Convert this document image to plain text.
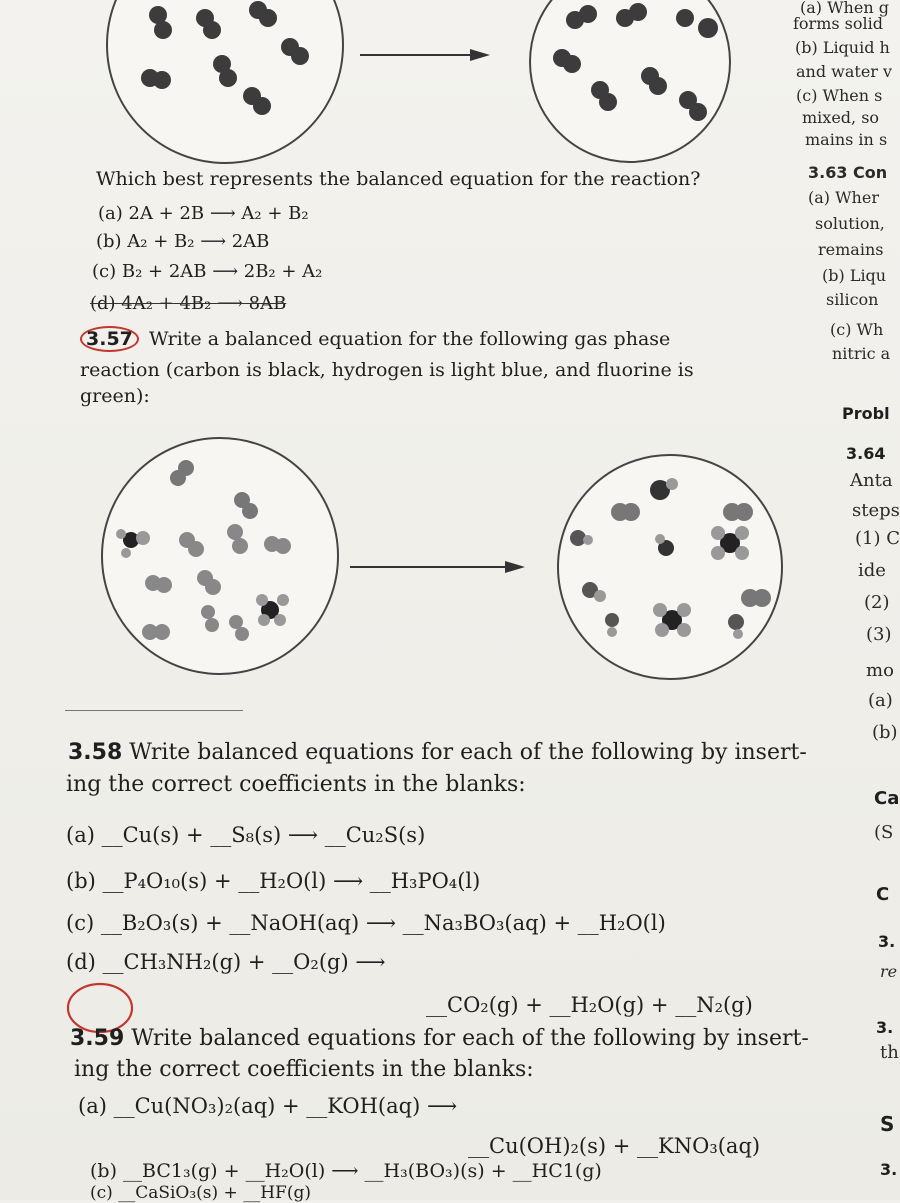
(a) When g
forms solid
(b) Liquid h
and water v
(c) When s
mixed, so
mains in s
Which best represents the balanced equation for the reaction?
(a) 2A + 2B ⟶ A₂ + B₂
(b) A₂ + B₂ ⟶ 2AB
(c) B₂ + 2AB ⟶ 2B₂ + A₂
(d) 4A₂ + 4B₂ ⟶ 8AB
3.57 Write a balanced equation for the following gas phase
reaction (carbon is black, hydrogen is light blue, and fluorine is
green):
3.58 Write balanced equations for each of the following by insert-
ing the correct coefficients in the blanks:
(a) __Cu(s) + __S₈(s) ⟶ __Cu₂S(s)
(b) __P₄O₁₀(s) + __H₂O(l) ⟶ __H₃PO₄(l)
(c) __B₂O₃(s) + __NaOH(aq) ⟶ __Na₃BO₃(aq) + __H₂O(l)
(d) __CH₃NH₂(g) + __O₂(g) ⟶
__CO₂(g) + __H₂O(g) + __N₂(g)
3.59 Write balanced equations for each of the following by insert-
ing the correct coefficients in the blanks:
(a) __Cu(NO₃)₂(aq) + __KOH(aq) ⟶
__Cu(OH)₂(s) + __KNO₃(aq)
(b) __BC1₃(g) + __H₂O(l) ⟶ __H₃(BO₃)(s) + __HC1(g)
(c) __CaSiO₃(s) + __HF(g)
3.63 Con
(a) Wher
solution,
remains
(b) Liqu
silicon
(c) Wh
nitric a
Probl
3.64
Anta
steps
(1) C
ide
(2)
(3)
mo
(a)
(b)
Ca
(S
C
3.
re
3.
th
S
3.
